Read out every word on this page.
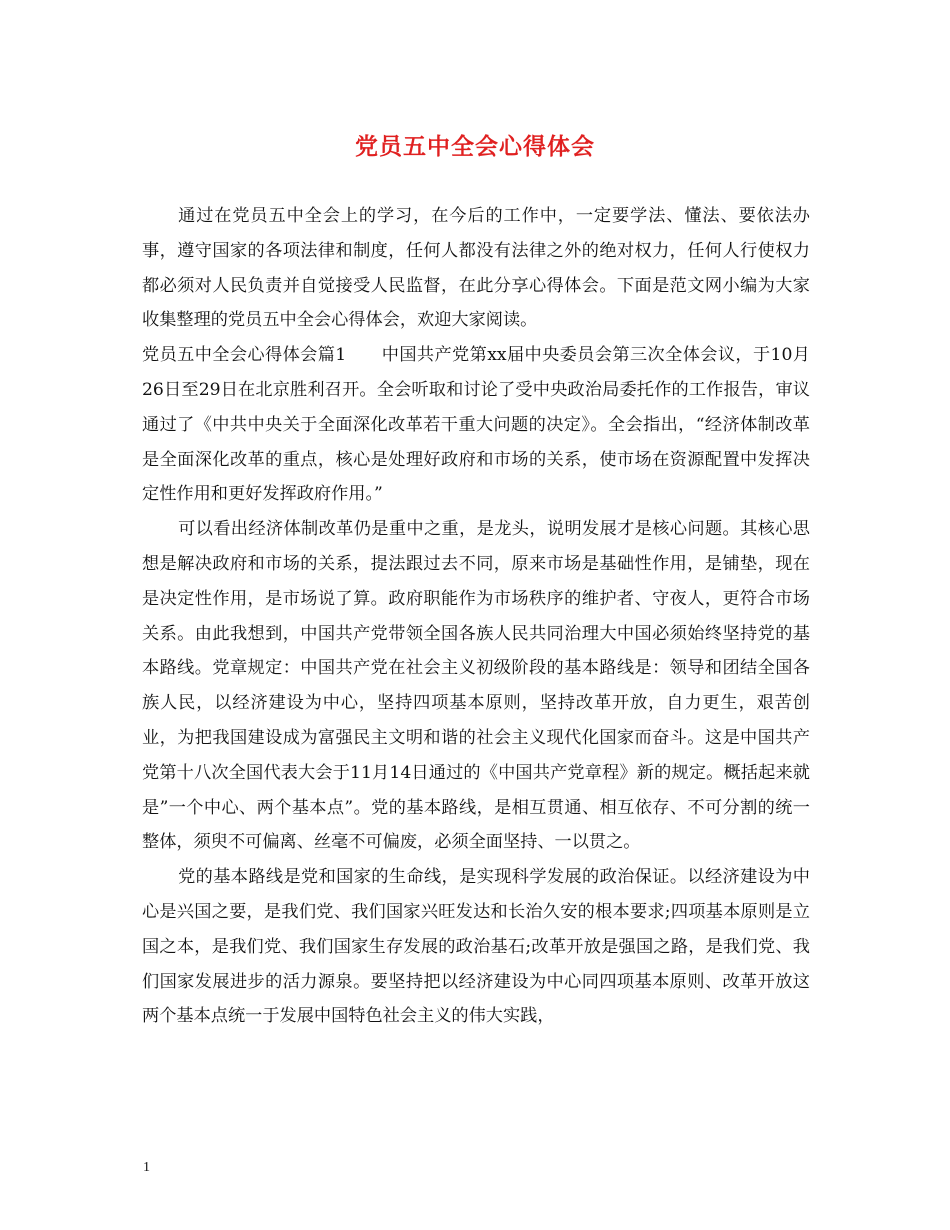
党员五中全会心得体会

通过在党员五中全会上的学习，在今后的工作中，一定要学法、懂法、要依法办事，遵守国家的各项法律和制度，任何人都没有法律之外的绝对权力，任何人行使权力都必须对人民负责并自觉接受人民监督，在此分享心得体会。下面是范文网小编为大家收集整理的党员五中全会心得体会，欢迎大家阅读。

党员五中全会心得体会篇1　　中国共产党第xx届中央委员会第三次全体会议，于10月26日至29日在北京胜利召开。全会听取和讨论了受中央政治局委托作的工作报告，审议通过了《中共中央关于全面深化改革若干重大问题的决定》。全会指出，“经济体制改革是全面深化改革的重点，核心是处理好政府和市场的关系，使市场在资源配置中发挥决定性作用和更好发挥政府作用。”

可以看出经济体制改革仍是重中之重，是龙头，说明发展才是核心问题。其核心思想是解决政府和市场的关系，提法跟过去不同，原来市场是基础性作用，是铺垫，现在是决定性作用，是市场说了算。政府职能作为市场秩序的维护者、守夜人，更符合市场关系。由此我想到，中国共产党带领全国各族人民共同治理大中国必须始终坚持党的基本路线。党章规定：中国共产党在社会主义初级阶段的基本路线是：领导和团结全国各族人民，以经济建设为中心，坚持四项基本原则，坚持改革开放，自力更生，艰苦创业，为把我国建设成为富强民主文明和谐的社会主义现代化国家而奋斗。这是中国共产党第十八次全国代表大会于11月14日通过的《中国共产党章程》新的规定。概括起来就是”一个中心、两个基本点”。党的基本路线，是相互贯通、相互依存、不可分割的统一整体，须臾不可偏离、丝毫不可偏废，必须全面坚持、一以贯之。

党的基本路线是党和国家的生命线，是实现科学发展的政治保证。以经济建设为中心是兴国之要，是我们党、我们国家兴旺发达和长治久安的根本要求;四项基本原则是立国之本，是我们党、我们国家生存发展的政治基石;改革开放是强国之路，是我们党、我们国家发展进步的活力源泉。要坚持把以经济建设为中心同四项基本原则、改革开放这两个基本点统一于发展中国特色社会主义的伟大实践，

1
